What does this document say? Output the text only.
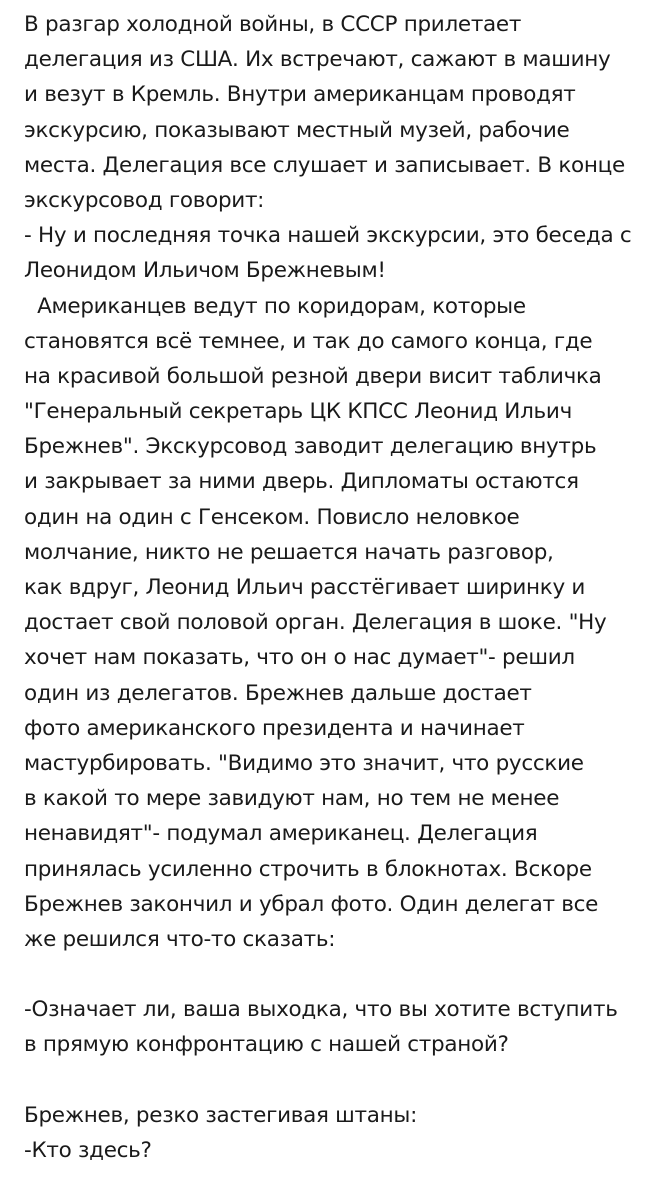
В разгар холодной войны, в СССР прилетает
делегация из США. Их встречают, сажают в машину
и везут в Кремль. Внутри американцам проводят
экскурсию, показывают местный музей, рабочие
места. Делегация все слушает и записывает. В конце
экскурсовод говорит:
- Ну и последняя точка нашей экскурсии, это беседа с
Леонидом Ильичом Брежневым!
Американцев ведут по коридорам, которые
становятся всё темнее, и так до самого конца, где
на красивой большой резной двери висит табличка
"Генеральный секретарь ЦК КПСС Леонид Ильич
Брежнев". Экскурсовод заводит делегацию внутрь
и закрывает за ними дверь. Дипломаты остаются
один на один с Генсеком. Повисло неловкое
молчание, никто не решается начать разговор,
как вдруг, Леонид Ильич расстёгивает ширинку и
достает свой половой орган. Делегация в шоке. "Ну
хочет нам показать, что он о нас думает"- решил
один из делегатов. Брежнев дальше достает
фото американского президента и начинает
мастурбировать. "Видимо это значит, что русские
в какой то мере завидуют нам, но тем не менее
ненавидят"- подумал американец. Делегация
принялась усиленно строчить в блокнотах. Вскоре
Брежнев закончил и убрал фото. Один делегат все
же решился что-то сказать:
-Означает ли, ваша выходка, что вы хотите вступить
в прямую конфронтацию с нашей страной?
Брежнев, резко застегивая штаны:
-Кто здесь?
